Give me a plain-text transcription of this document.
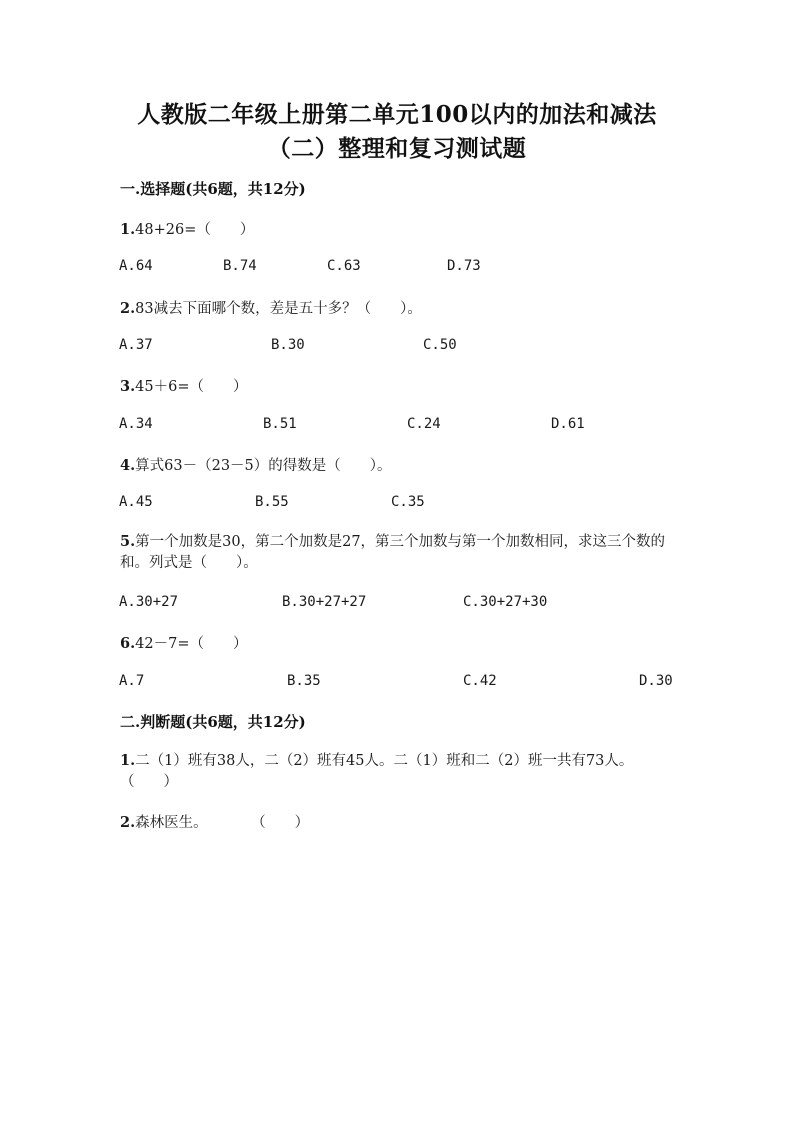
人教版二年级上册第二单元100以内的加法和减法
（二）整理和复习测试题
一.选择题(共6题，共12分)
1.48+26=（　　）
A.64	B.74	C.63	D.73
2.83减去下面哪个数，差是五十多？（　　）。
A.37	B.30	C.50
3.45＋6=（　　）
A.34	B.51	C.24	D.61
4.算式63－（23－5）的得数是（　　）。
A.45	B.55	C.35
5.第一个加数是30，第二个加数是27，第三个加数与第一个加数相同，求这三个数的和。列式是（　　）。
A.30+27	B.30+27+27	C.30+27+30
6.42－7=（　　）
A.7	B.35	C.42	D.30
二.判断题(共6题，共12分)
1.二（1）班有38人，二（2）班有45人。二（1）班和二（2）班一共有73人。（　　）
2.森林医生。　　　　（　　）
